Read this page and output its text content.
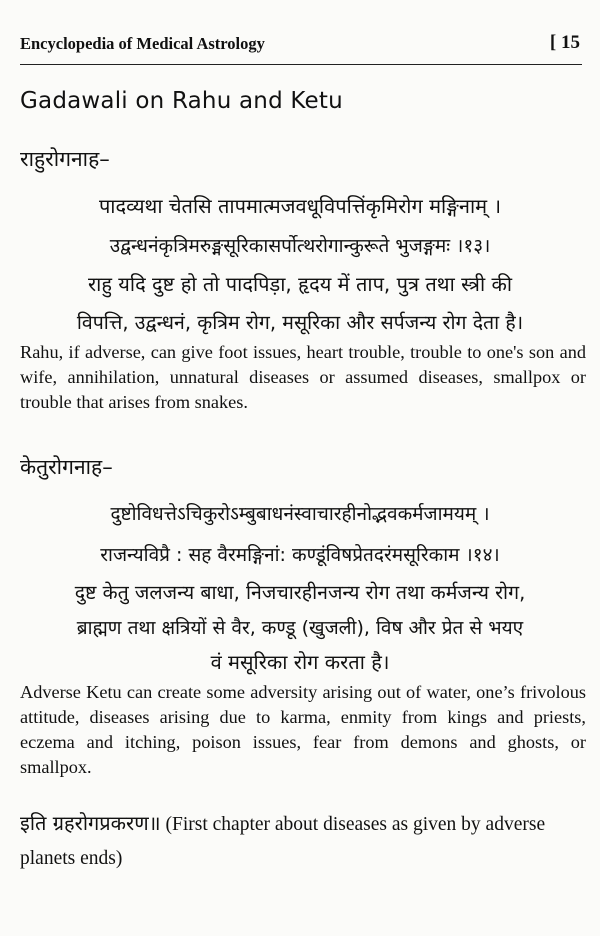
Encyclopedia of Medical Astrology	[ 15
Gadawali on Rahu and Ketu
राहुरोगनाह–
पादव्यथा चेतसि तापमात्मजवधूविपत्तिंकृमिरोग मङ्गिनाम् ।
उद्वन्धनंकृत्रिमरुङ्मसूरिकासर्पोत्थरोगान्कुरूते भुजङ्गमः ।१३।
राहु यदि दुष्ट हो तो पादपिड़ा, हृदय में ताप, पुत्र तथा स्त्री की
विपत्ति, उद्वन्धनं, कृत्रिम रोग, मसूरिका और सर्पजन्य रोग देता है।

Rahu, if adverse, can give foot issues, heart trouble, trouble to one's son and wife, annihilation, unnatural diseases or assumed diseases, smallpox or trouble that arises from snakes.

केतुरोगनाह–
दुष्टोविधत्तेऽचिकुरोऽम्बुबाधनंस्वाचारहीनोद्भवकर्मजामयम् ।
राजन्यविप्रै : सह वैरमङ्गिनां: कण्डूंविषप्रेतदरंमसूरिकाम ।१४।
दुष्ट केतु जलजन्य बाधा, निजचारहीनजन्य रोग तथा कर्मजन्य रोग,
ब्राह्मण तथा क्षत्रियों से वैर, कण्डू (खुजली), विष और प्रेत से भयए
वं मसूरिका रोग करता है।

Adverse Ketu can create some adversity arising out of water, one’s frivolous attitude, diseases arising due to karma, enmity from kings and priests, eczema and itching, poison issues, fear from demons and ghosts, or smallpox.

इति ग्रहरोगप्रकरण॥ (First chapter about diseases as given by adverse planets ends)
